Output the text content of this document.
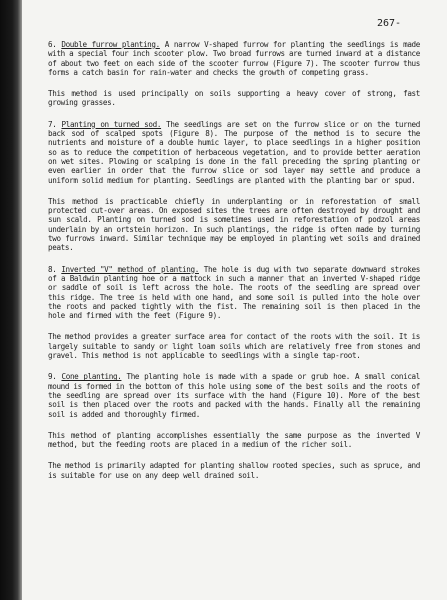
267-

6. Double furrow planting. A narrow V-shaped furrow for planting the seedlings is made with a special four inch scooter plow. Two broad furrows are turned inward at a distance of about two feet on each side of the scooter furrow (Figure 7). The scooter furrow thus forms a catch basin for rain-water and checks the growth of competing grass.

This method is used principally on soils supporting a heavy cover of strong, fast growing grasses.

7. Planting on turned sod. The seedlings are set on the furrow slice or on the turned back sod of scalped spots (Figure 8). The purpose of the method is to secure the nutrients and moisture of a double humic layer, to place seedlings in a higher position so as to reduce the competition of herbaceous vegetation, and to provide better aeration on wet sites. Plowing or scalping is done in the fall preceding the spring planting or even earlier in order that the furrow slice or sod layer may settle and produce a uniform solid medium for planting. Seedlings are planted with the planting bar or spud.

This method is practicable chiefly in underplanting or in reforestation of small protected cut-over areas. On exposed sites the trees are often destroyed by drought and sun scald. Planting on turned sod is sometimes used in reforestation of podzol areas underlain by an ortstein horizon. In such plantings, the ridge is often made by turning two furrows inward. Similar technique may be employed in planting wet soils and drained peats.

8. Inverted "V" method of planting. The hole is dug with two separate downward strokes of a Baldwin planting hoe or a mattock in such a manner that an inverted V-shaped ridge or saddle of soil is left across the hole. The roots of the seedling are spread over this ridge. The tree is held with one hand, and some soil is pulled into the hole over the roots and packed tightly with the fist. The remaining soil is then placed in the hole and firmed with the feet (Figure 9).

The method provides a greater surface area for contact of the roots with the soil. It is largely suitable to sandy or light loam soils which are relatively free from stones and gravel. This method is not applicable to seedlings with a single tap-root.

9. Cone planting. The planting hole is made with a spade or grub hoe. A small conical mound is formed in the bottom of this hole using some of the best soils and the roots of the seedling are spread over its surface with the hand (Figure 10). More of the best soil is then placed over the roots and packed with the hands. Finally all the remaining soil is added and thoroughly firmed.

This method of planting accomplishes essentially the same purpose as the inverted V method, but the feeding roots are placed in a medium of the richer soil.

The method is primarily adapted for planting shallow rooted species, such as spruce, and is suitable for use on any deep well drained soil.
